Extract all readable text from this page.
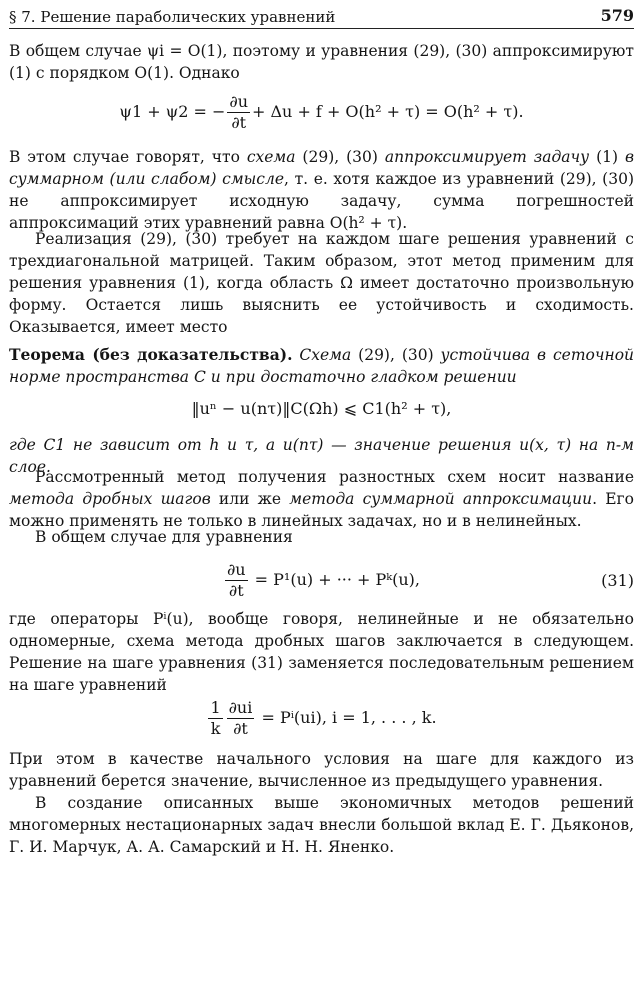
§ 7. Решение параболических уравнений	579
В общем случае ψi = O(1), поэтому и уравнения (29), (30) аппроксимируют (1) с порядком O(1). Однако
ψ1 + ψ2 = − $\frac{\partial u}{\partial t} + \Delta u + f + O(h^2 + \tau) = O(h^2 + \tau)$.
В этом случае говорят, что схема (29), (30) аппроксимирует задачу (1) в суммарном (или слабом) смысле, т. е. хотя каждое из уравнений (29), (30) не аппроксимирует исходную задачу, сумма погрешностей аппроксимаций этих уравнений равна O(h² + τ).
Реализация (29), (30) требует на каждом шаге решения уравнений с трехдиагональной матрицей. Таким образом, этот метод применим для решения уравнения (1), когда область Ω имеет достаточно произвольную форму. Остается лишь выяснить ее устойчивость и сходимость. Оказывается, имеет место
Теорема (без доказательства). Схема (29), (30) устойчива в сеточной норме пространства C и при достаточно гладком решении
‖uⁿ − u(nτ)‖C(Ωh) ⩽ C1(h² + τ),
где C1 не зависит от h и τ, а u(nτ) — значение решения u(x, τ) на n-м слое.
Рассмотренный метод получения разностных схем носит название метода дробных шагов или же метода суммарной аппроксимации. Его можно применять не только в линейных задачах, но и в нелинейных.
В общем случае для уравнения
$\frac{\partial u}{\partial t} = P^1(u)$ + ··· + Pᵏ(u),	(31)
где операторы Pⁱ(u), вообще говоря, нелинейные и не обязательно одномерные, схема метода дробных шагов заключается в следующем. Решение на шаге уравнения (31) заменяется последовательным решением на шаге уравнений
$\frac{1}{k} \frac{\partial ui}{\partial t} = P^i(ui)$, i = 1, . . . , k.
При этом в качестве начального условия на шаге для каждого из уравнений берется значение, вычисленное из предыдущего уравнения.
В создание описанных выше экономичных методов решений многомерных нестационарных задач внесли большой вклад Е. Г. Дьяконов, Г. И. Марчук, А. А. Самарский и Н. Н. Яненко.
